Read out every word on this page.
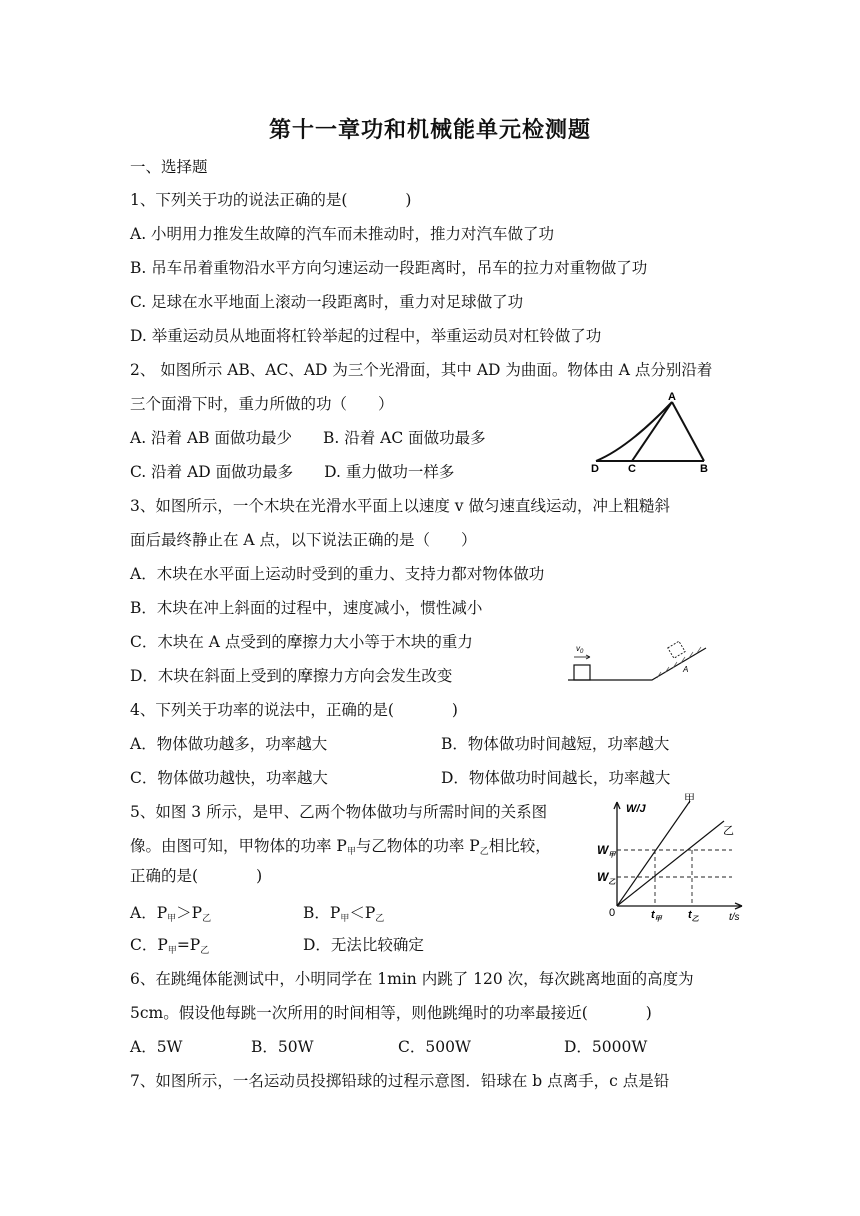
第十一章功和机械能单元检测题
一、选择题
1、下列关于功的说法正确的是(	)
A. 小明用力推发生故障的汽车而未推动时，推力对汽车做了功
B. 吊车吊着重物沿水平方向匀速运动一段距离时，吊车的拉力对重物做了功
C. 足球在水平地面上滚动一段距离时，重力对足球做了功
D. 举重运动员从地面将杠铃举起的过程中，举重运动员对杠铃做了功
2、 如图所示 AB、AC、AD 为三个光滑面，其中 AD 为曲面。物体由 A 点分别沿着
三个面滑下时，重力所做的功（　　）
A. 沿着 AB 面做功最少　　B. 沿着 AC 面做功最多
C. 沿着 AD 面做功最多　　D. 重力做功一样多
A
B
C
D
3、如图所示，一个木块在光滑水平面上以速度 v 做匀速直线运动，冲上粗糙斜
面后最终静止在 A 点，以下说法正确的是（　　）
A．木块在水平面上运动时受到的重力、支持力都对物体做功
B．木块在冲上斜面的过程中，速度减小，惯性减小
C．木块在 A 点受到的摩擦力大小等于木块的重力
D．木块在斜面上受到的摩擦力方向会发生改变
$v_0$
A
4、下列关于功率的说法中，正确的是(	)
A．物体做功越多，功率越大	B．物体做功时间越短，功率越大
C．物体做功越快，功率越大	D．物体做功时间越长，功率越大
5、如图 3 所示，是甲、乙两个物体做功与所需时间的关系图
像。由图可知，甲物体的功率 $P_甲$与乙物体的功率 $P_乙$相比较，
正确的是(	)
A．$P_甲>P_乙$	B．$P_甲<P_乙$
C．$P_甲=P_乙$	D．无法比较确定
W/J
t/s
0
甲
乙
$W_甲$
$W_乙$
$t_甲$ $t_乙$
6、在跳绳体能测试中，小明同学在 1min 内跳了 120 次，每次跳离地面的高度为
5cm。假设他每跳一次所用的时间相等，则他跳绳时的功率最接近(	)
A．5W	B．50W	C．500W	D．5000W
7、如图所示，一名运动员投掷铅球的过程示意图．铅球在 b 点离手，c 点是铅
